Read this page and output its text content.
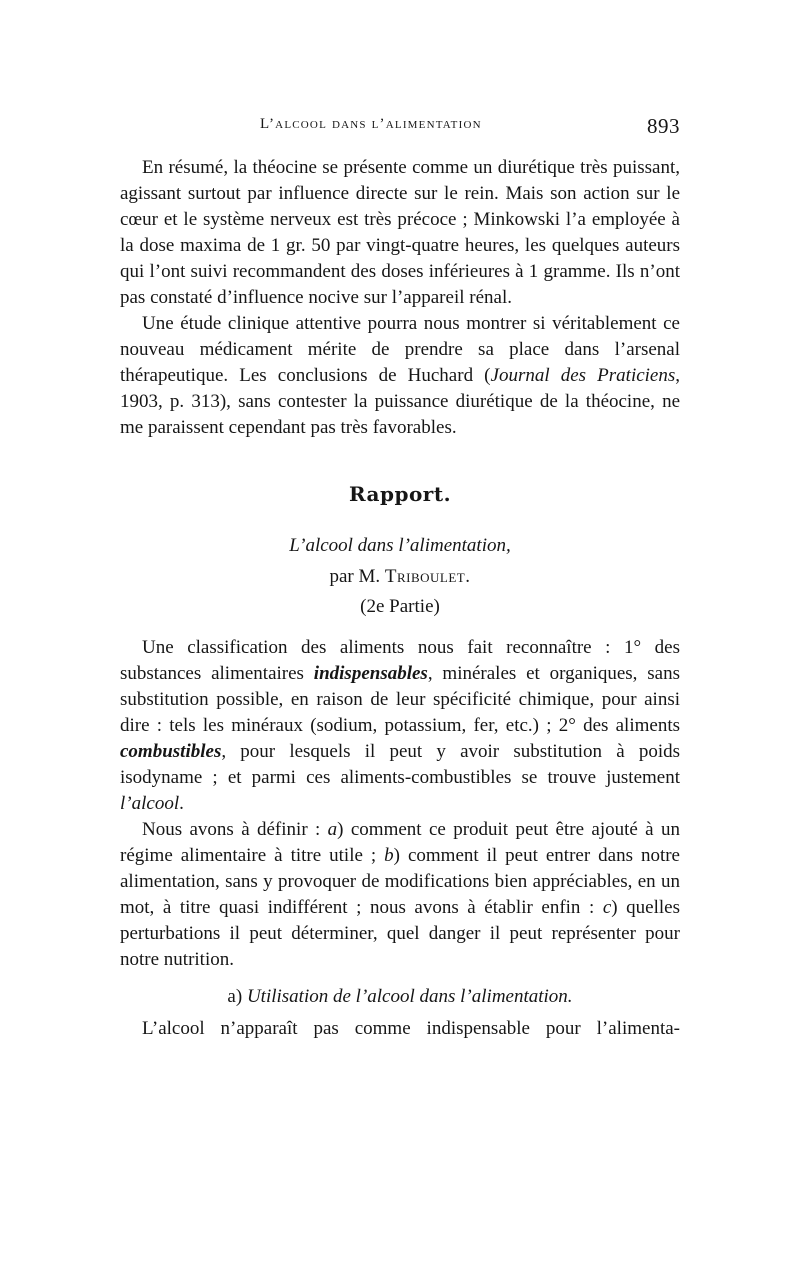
L’alcool dans l’alimentation	893

En résumé, la théocine se présente comme un diurétique très puissant, agissant surtout par influence directe sur le rein. Mais son action sur le cœur et le système nerveux est très précoce ; Minkowski l’a employée à la dose maxima de 1 gr. 50 par vingt-quatre heures, les quelques auteurs qui l’ont suivi recommandent des doses inférieures à 1 gramme. Ils n’ont pas constaté d’influence nocive sur l’appareil rénal.

Une étude clinique attentive pourra nous montrer si véritablement ce nouveau médicament mérite de prendre sa place dans l’arsenal thérapeutique. Les conclusions de Huchard (Journal des Praticiens, 1903, p. 313), sans contester la puissance diurétique de la théocine, ne me paraissent cependant pas très favorables.

Rapport.
L’alcool dans l’alimentation,
par M. Triboulet.
(2e Partie)

Une classification des aliments nous fait reconnaître : 1° des substances alimentaires indispensables, minérales et organiques, sans substitution possible, en raison de leur spécificité chimique, pour ainsi dire : tels les minéraux (sodium, potassium, fer, etc.) ; 2° des aliments combustibles, pour lesquels il peut y avoir substitution à poids isodyname ; et parmi ces aliments-combustibles se trouve justement l’alcool.

Nous avons à définir : a) comment ce produit peut être ajouté à un régime alimentaire à titre utile ; b) comment il peut entrer dans notre alimentation, sans y provoquer de modifications bien appréciables, en un mot, à titre quasi indifférent ; nous avons à établir enfin : c) quelles perturbations il peut déterminer, quel danger il peut représenter pour notre nutrition.

a) Utilisation de l’alcool dans l’alimentation.
L’alcool n’apparaît pas comme indispensable pour l’alimenta-
